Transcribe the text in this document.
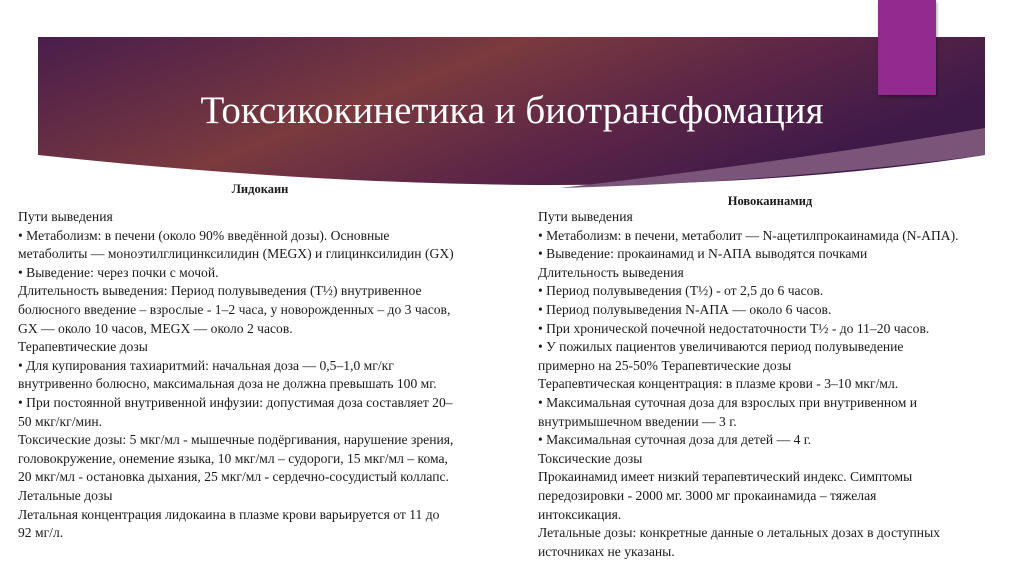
Токсикокинетика и биотрансфомация
Лидокаин
Пути выведения
• Метаболизм: в печени (около 90% введённой дозы). Основные
метаболиты — моноэтилглицинксилидин (MEGX) и глицинксилидин (GX)
• Выведение: через почки с мочой.
Длительность выведения: Период полувыведения (T½) внутривенное
болюсного введение – взрослые - 1–2 часа, у новорожденных – до 3 часов,
GX — около 10 часов, MEGX — около 2 часов.
Терапевтические дозы
• Для купирования тахиаритмий: начальная доза — 0,5–1,0 мг/кг
внутривенно болюсно, максимальная доза не должна превышать 100 мг.
• При постоянной внутривенной инфузии: допустимая доза составляет 20–
50 мкг/кг/мин.
Токсические дозы: 5 мкг/мл - мышечные подёргивания, нарушение зрения,
головокружение, онемение языка, 10 мкг/мл – судороги, 15 мкг/мл – кома,
20 мкг/мл - остановка дыхания, 25 мкг/мл - сердечно-сосудистый коллапс.
Летальные дозы
Летальная концентрация лидокаина в плазме крови варьируется от 11 до
92 мг/л.
Новокаинамид
Пути выведения
• Метаболизм: в печени, метаболит — N-ацетилпрокаинамида (N-АПА).
• Выведение: прокаинамид и N-АПА выводятся почками
Длительность выведения
• Период полувыведения (T½) - от 2,5 до 6 часов.
• Период полувыведения N-АПА — около 6 часов.
• При хронической почечной недостаточности T½ - до 11–20 часов.
• У пожилых пациентов увеличиваются период полувыведение
примерно на 25-50% Терапевтические дозы
Терапевтическая концентрация: в плазме крови - 3–10 мкг/мл.
• Максимальная суточная доза для взрослых при внутривенном и
внутримышечном введении — 3 г.
• Максимальная суточная доза для детей — 4 г.
Токсические дозы
Прокаинамид имеет низкий терапевтический индекс. Симптомы
передозировки - 2000 мг. 3000 мг прокаинамида – тяжелая
интоксикация.
Летальные дозы: конкретные данные о летальных дозах в доступных
источниках не указаны.
